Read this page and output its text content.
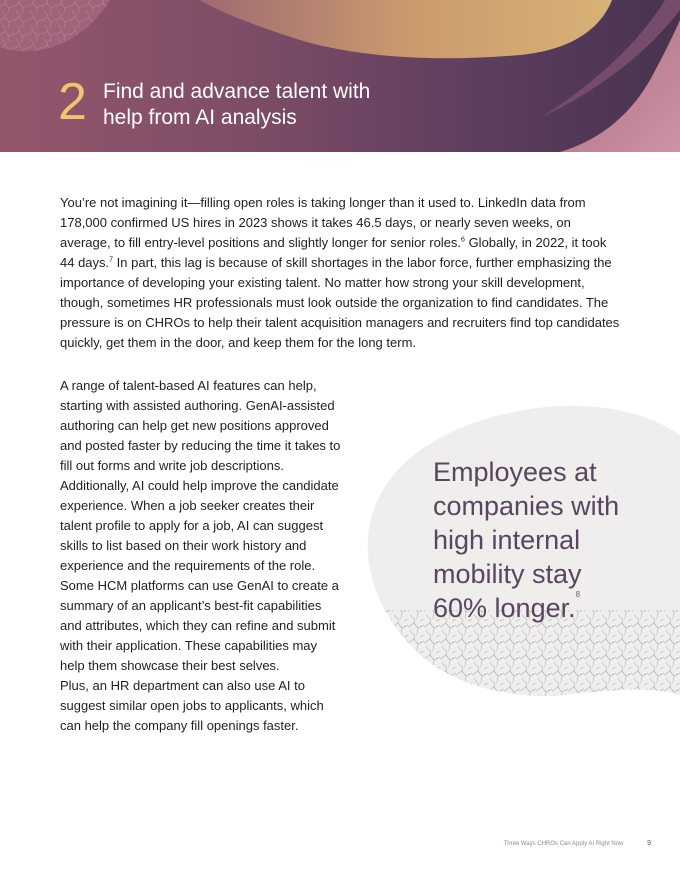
2 Find and advance talent with
help from AI analysis

You’re not imagining it—filling open roles is taking longer than it used to. LinkedIn data from 178,000 confirmed US hires in 2023 shows it takes 46.5 days, or nearly seven weeks, on average, to fill entry-level positions and slightly longer for senior roles.$^6$ Globally, in 2022, it took 44 days.$^7$ In part, this lag is because of skill shortages in the labor force, further emphasizing the importance of developing your existing talent. No matter how strong your skill development, though, sometimes HR professionals must look outside the organization to find candidates. The pressure is on CHROs to help their talent acquisition managers and recruiters find top candidates quickly, get them in the door, and keep them for the long term.

A range of talent-based AI features can help, starting with assisted authoring. GenAI-assisted authoring can help get new positions approved and posted faster by reducing the time it takes to fill out forms and write job descriptions. Additionally, AI could help improve the candidate experience. When a job seeker creates their talent profile to apply for a job, AI can suggest skills to list based on their work history and experience and the requirements of the role. Some HCM platforms can use GenAI to create a summary of an applicant’s best-fit capabilities and attributes, which they can refine and submit with their application. These capabilities may help them showcase their best selves.

Plus, an HR department can also use AI to suggest similar open jobs to applicants, which can help the company fill openings faster.

Employees at companies with high internal mobility stay 60% longer.$^8$
Three Ways CHROs Can Apply AI Right Now	9
